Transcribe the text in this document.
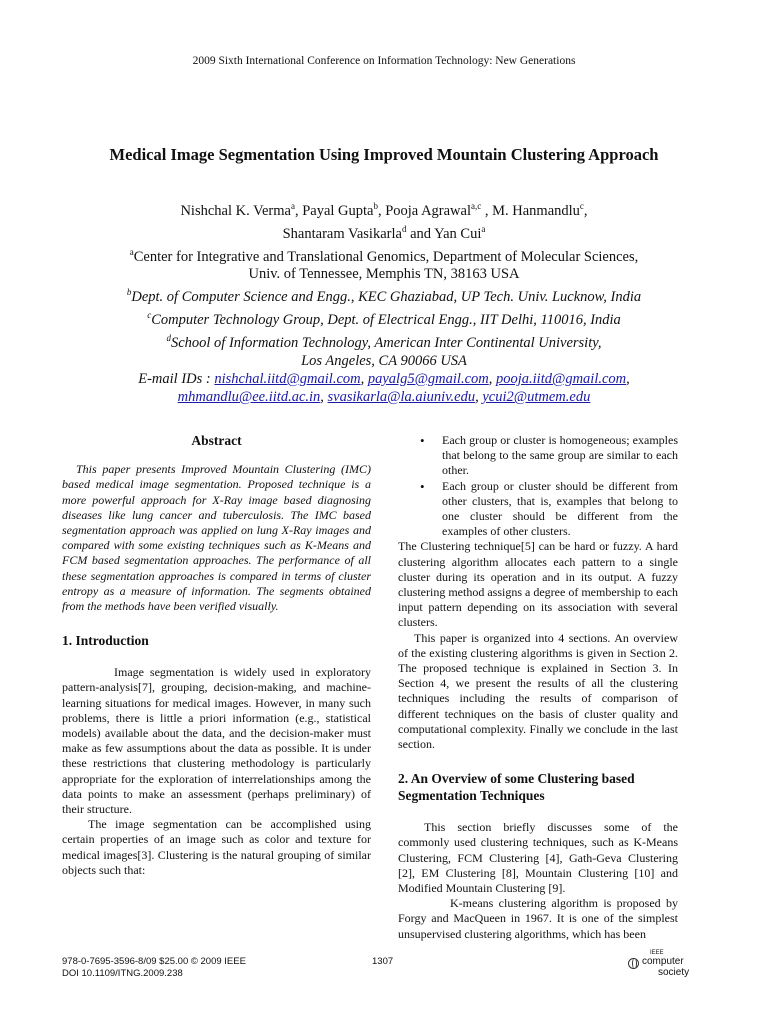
2009 Sixth International Conference on Information Technology: New Generations
Medical Image Segmentation Using Improved Mountain Clustering Approach
Nishchal K. Verma$^a$, Payal Gupta$^b$, Pooja Agrawal$^{a,c}$ , M. Hanmandlu$^c$,
Shantaram Vasikarla$^d$ and Yan Cui$^a$
$^a$Center for Integrative and Translational Genomics, Department of Molecular Sciences,
Univ. of Tennessee, Memphis TN, 38163 USA
$^b$Dept. of Computer Science and Engg., KEC Ghaziabad, UP Tech. Univ. Lucknow, India
$^c$Computer Technology Group, Dept. of Electrical Engg., IIT Delhi, 110016, India
$^d$School of Information Technology, American Inter Continental University,
Los Angeles, CA 90066 USA
E-mail IDs : nishchal.iitd@gmail.com, payalg5@gmail.com, pooja.iitd@gmail.com,
mhmandlu@ee.iitd.ac.in, svasikarla@la.aiuniv.edu, ycui2@utmem.edu

Abstract

This paper presents Improved Mountain Clustering (IMC) based medical image segmentation. Proposed technique is a more powerful approach for X-Ray image based diagnosing diseases like lung cancer and tuberculosis. The IMC based segmentation approach was applied on lung X-Ray images and compared with some existing techniques such as K-Means and FCM based segmentation approaches. The performance of all these segmentation approaches is compared in terms of cluster entropy as a measure of information. The segments obtained from the methods have been verified visually.

1. Introduction

Image segmentation is widely used in exploratory pattern-analysis[7], grouping, decision-making, and machine-learning situations for medical images. However, in many such problems, there is little a priori information (e.g., statistical models) available about the data, and the decision-maker must make as few assumptions about the data as possible. It is under these restrictions that clustering methodology is particularly appropriate for the exploration of interrelationships among the data points to make an assessment (perhaps preliminary) of their structure.

The image segmentation can be accomplished using certain properties of an image such as color and texture for medical images[3]. Clustering is the natural grouping of similar objects such that:

• Each group or cluster is homogeneous; examples that belong to the same group are similar to each other.
• Each group or cluster should be different from other clusters, that is, examples that belong to one cluster should be different from the examples of other clusters.

The Clustering technique[5] can be hard or fuzzy. A hard clustering algorithm allocates each pattern to a single cluster during its operation and in its output. A fuzzy clustering method assigns a degree of membership to each input pattern depending on its association with several clusters.

This paper is organized into 4 sections. An overview of the existing clustering algorithms is given in Section 2. The proposed technique is explained in Section 3. In Section 4, we present the results of all the clustering techniques including the results of comparison of different techniques on the basis of cluster quality and computational complexity. Finally we conclude in the last section.

2. An Overview of some Clustering based Segmentation Techniques

This section briefly discusses some of the commonly used clustering techniques, such as K-Means Clustering, FCM Clustering [4], Gath-Geva Clustering [2], EM Clustering [8], Mountain Clustering [10] and Modified Mountain Clustering [9].

K-means clustering algorithm is proposed by Forgy and MacQueen in 1967. It is one of the simplest unsupervised clustering algorithms, which has been

978-0-7695-3596-8/09 $25.00 © 2009 IEEE
DOI 10.1109/ITNG.2009.238
1307
IEEE
computer
society
